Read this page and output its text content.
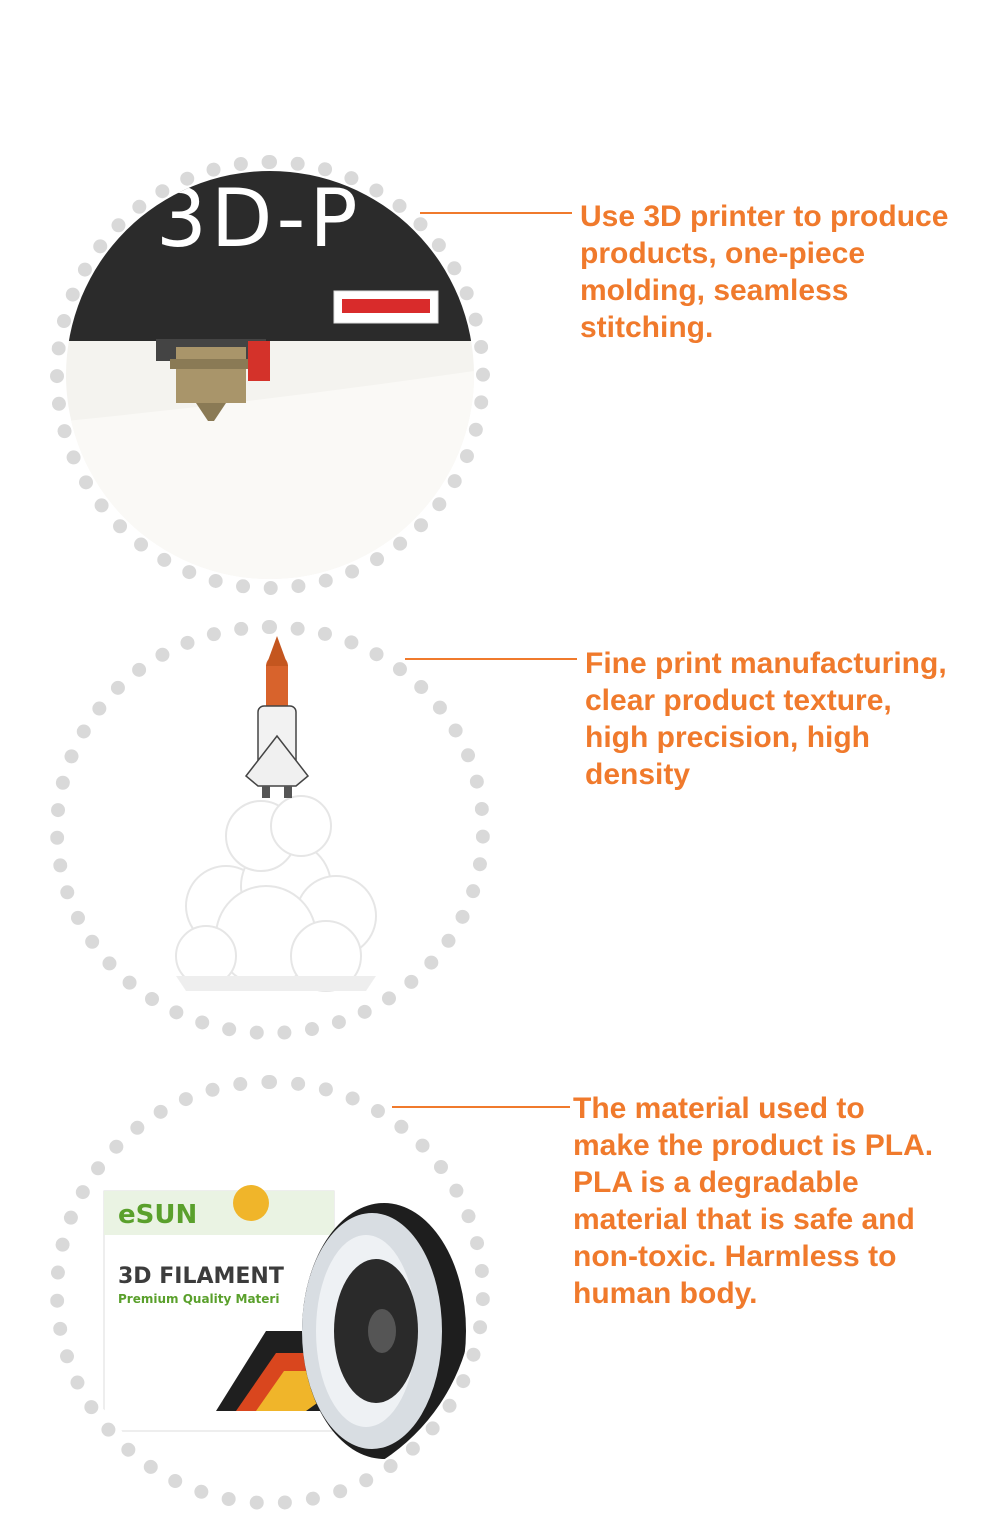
3D-P	Use 3D printer to produce
products, one-piece
molding, seamless
stitching.

Fine print manufacturing,
clear product texture,
high precision, high
density

eSUN
3D FILAMENT
Premium Quality Materi

The material used to
make the product is PLA.
PLA is a degradable
material that is safe and
non-toxic. Harmless to
human body.
